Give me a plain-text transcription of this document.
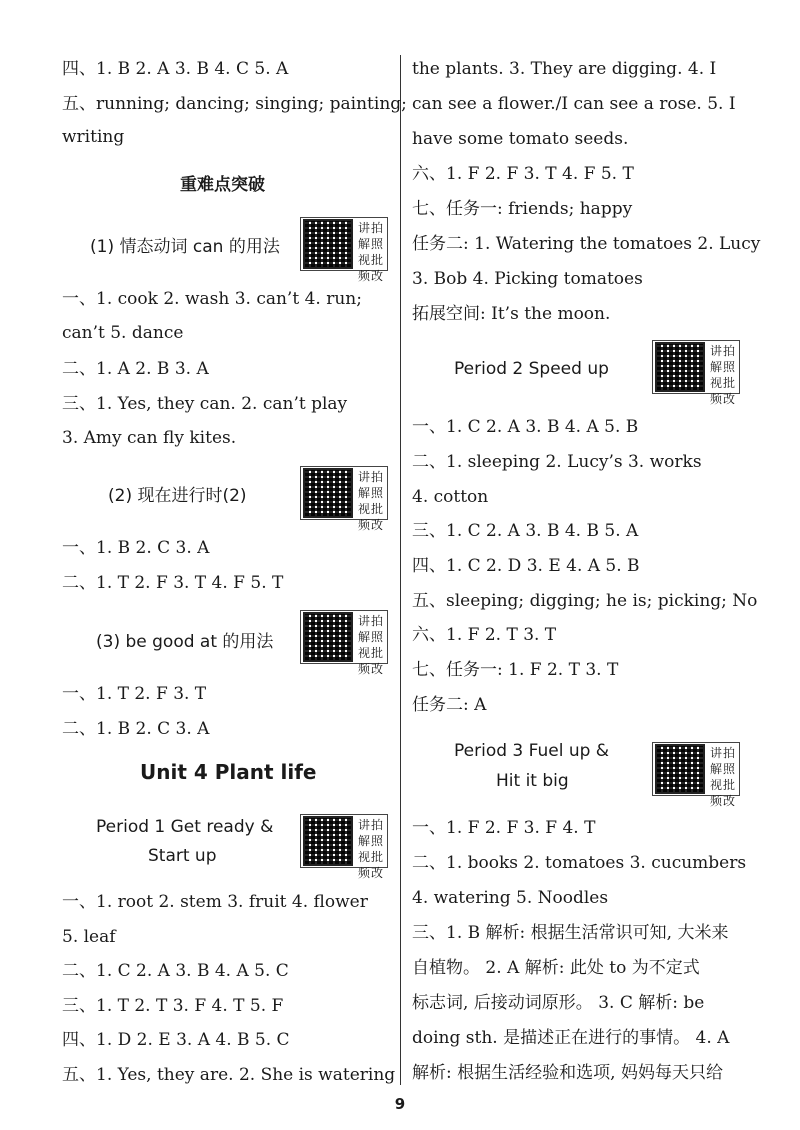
四、1. B 2. A 3. B 4. C 5. A
五、running; dancing; singing; painting;
writing
重难点突破
(1) 情态动词 can 的用法
讲拍解照视批频改
一、1. cook 2. wash 3. can’t 4. run;
can’t 5. dance
二、1. A 2. B 3. A
三、1. Yes, they can. 2. can’t play
3. Amy can fly kites.
(2) 现在进行时(2)
讲拍解照视批频改
一、1. B 2. C 3. A
二、1. T 2. F 3. T 4. F 5. T
(3) be good at 的用法
讲拍解照视批频改
一、1. T 2. F 3. T
二、1. B 2. C 3. A
Unit 4 Plant life
Period 1 Get ready &
Start up
讲拍解照视批频改
一、1. root 2. stem 3. fruit 4. flower
5. leaf
二、1. C 2. A 3. B 4. A 5. C
三、1. T 2. T 3. F 4. T 5. F
四、1. D 2. E 3. A 4. B 5. C
五、1. Yes, they are. 2. She is watering
the plants. 3. They are digging. 4. I
can see a flower./I can see a rose. 5. I
have some tomato seeds.
六、1. F 2. F 3. T 4. F 5. T
七、任务一: friends; happy
任务二: 1. Watering the tomatoes 2. Lucy
3. Bob 4. Picking tomatoes
拓展空间: It’s the moon.
Period 2 Speed up
讲拍解照视批频改
一、1. C 2. A 3. B 4. A 5. B
二、1. sleeping 2. Lucy’s 3. works
4. cotton
三、1. C 2. A 3. B 4. B 5. A
四、1. C 2. D 3. E 4. A 5. B
五、sleeping; digging; he is; picking; No
六、1. F 2. T 3. T
七、任务一: 1. F 2. T 3. T
任务二: A
Period 3 Fuel up &
Hit it big
讲拍解照视批频改
一、1. F 2. F 3. F 4. T
二、1. books 2. tomatoes 3. cucumbers
4. watering 5. Noodles
三、1. B 解析: 根据生活常识可知, 大米来
自植物。 2. A 解析: 此处 to 为不定式
标志词, 后接动词原形。 3. C 解析: be
doing sth. 是描述正在进行的事情。 4. A
解析: 根据生活经验和选项, 妈妈每天只给
9
